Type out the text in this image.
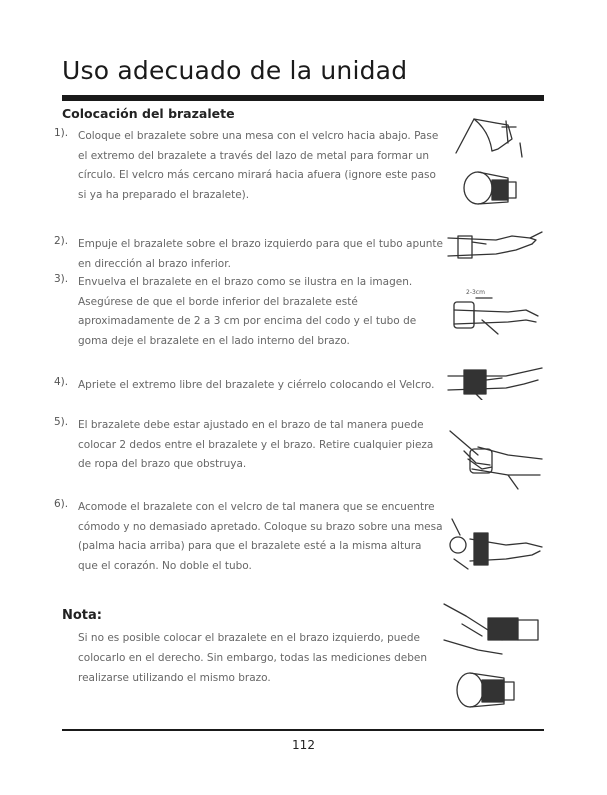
Uso adecuado de la unidad
Colocación del brazalete
1). Coloque el brazalete sobre una mesa con el velcro hacia abajo. Pase el extremo del brazalete a través del lazo de metal para formar un círculo. El velcro más cercano mirará hacia afuera (ignore este paso si ya ha preparado el brazalete).
2). Empuje el brazalete sobre el brazo izquierdo para que el tubo apunte en dirección al brazo inferior.
3). Envuelva el brazalete en el brazo como se ilustra en la imagen. Asegúrese de que el borde inferior del brazalete esté aproximadamente de 2 a 3 cm por encima del codo y el tubo de goma deje el brazalete en el lado interno del brazo.
4). Apriete el extremo libre del brazalete y ciérrelo colocando el Velcro.
5). El brazalete debe estar ajustado en el brazo de tal manera puede colocar 2 dedos entre el brazalete y el brazo. Retire cualquier pieza de ropa del brazo que obstruya.
6). Acomode el brazalete con el velcro de tal manera que se encuentre cómodo y no demasiado apretado. Coloque su brazo sobre una mesa (palma hacia arriba) para que el brazalete esté a la misma altura que el corazón. No doble el tubo.
Nota:

Si no es posible colocar el brazalete en el brazo izquierdo, puede colocarlo en el derecho. Sin embargo, todas las mediciones deben realizarse utilizando el mismo brazo.

2-3cm
112
